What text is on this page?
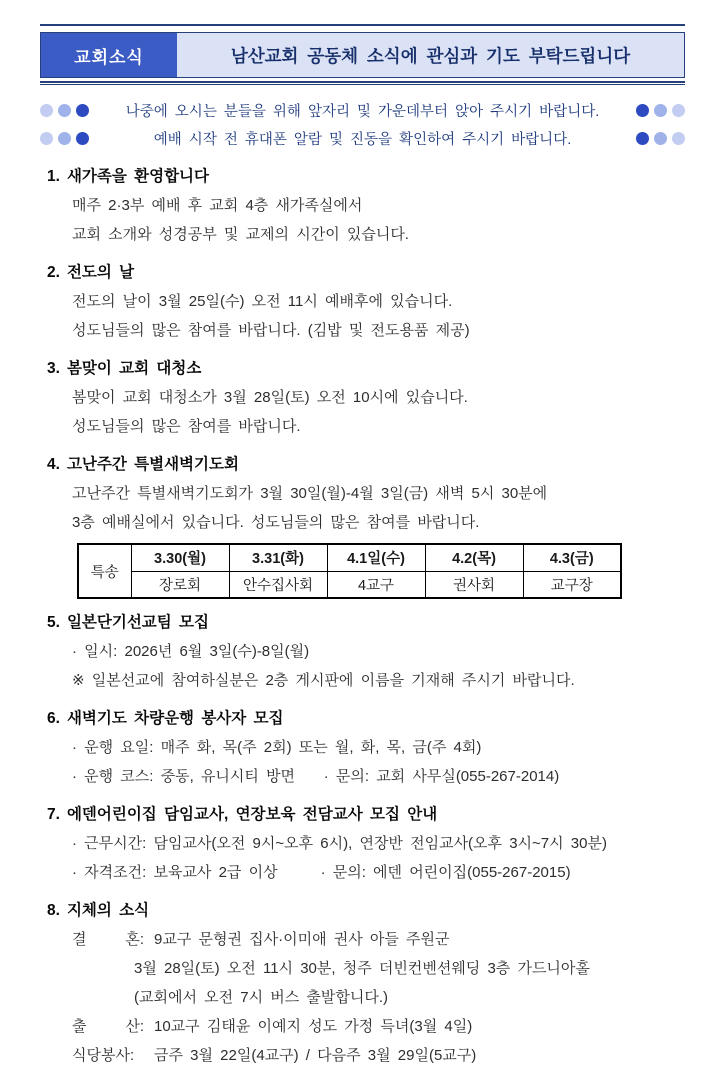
교회소식	남산교회 공동체 소식에 관심과 기도 부탁드립니다
나중에 오시는 분들을 위해 앞자리 및 가운데부터 앉아 주시기 바랍니다.
예배 시작 전 휴대폰 알람 및 진동을 확인하여 주시기 바랍니다.
1. 새가족을 환영합니다
매주 2·3부 예배 후 교회 4층 새가족실에서
교회 소개와 성경공부 및 교제의 시간이 있습니다.
2. 전도의 날
전도의 날이 3월 25일(수) 오전 11시 예배후에 있습니다.
성도님들의 많은 참여를 바랍니다. (김밥 및 전도용품 제공)
3. 봄맞이 교회 대청소
봄맞이 교회 대청소가 3월 28일(토) 오전 10시에 있습니다.
성도님들의 많은 참여를 바랍니다.
4. 고난주간 특별새벽기도회
고난주간 특별새벽기도회가 3월 30일(월)-4월 3일(금) 새벽 5시 30분에
3층 예배실에서 있습니다. 성도님들의 많은 참여를 바랍니다.
특송	3.30(월)	3.31(화)	4.1일(수)	4.2(목)	4.3(금)
	장로회	안수집사회	4교구	권사회	교구장
5. 일본단기선교팀 모집
· 일시: 2026년 6월 3일(수)-8일(월)
※ 일본선교에 참여하실분은 2층 게시판에 이름을 기재해 주시기 바랍니다.
6. 새벽기도 차량운행 봉사자 모집
· 운행 요일: 매주 화, 목(주 2회) 또는 월, 화, 목, 금(주 4회)
· 운행 코스: 중동, 유니시티 방면    · 문의: 교회 사무실(055-267-2014)
7. 에덴어린이집 담임교사, 연장보육 전담교사 모집 안내
· 근무시간: 담임교사(오전 9시~오후 6시), 연장반 전임교사(오후 3시~7시 30분)
· 자격조건: 보육교사 2급 이상      · 문의: 에덴 어린이집(055-267-2015)
8. 지체의 소식
결 혼: 9교구 문형권 집사·이미애 권사 아들 주원군
3월 28일(토) 오전 11시 30분, 청주 더빈컨벤션웨딩 3층 가드니아홀
(교회에서 오전 7시 버스 출발합니다.)
출 산: 10교구 김태윤 이예지 성도 가정 득녀(3월 4일)
식당봉사:	금주 3월 22일(4교구) / 다음주 3월 29일(5교구)
